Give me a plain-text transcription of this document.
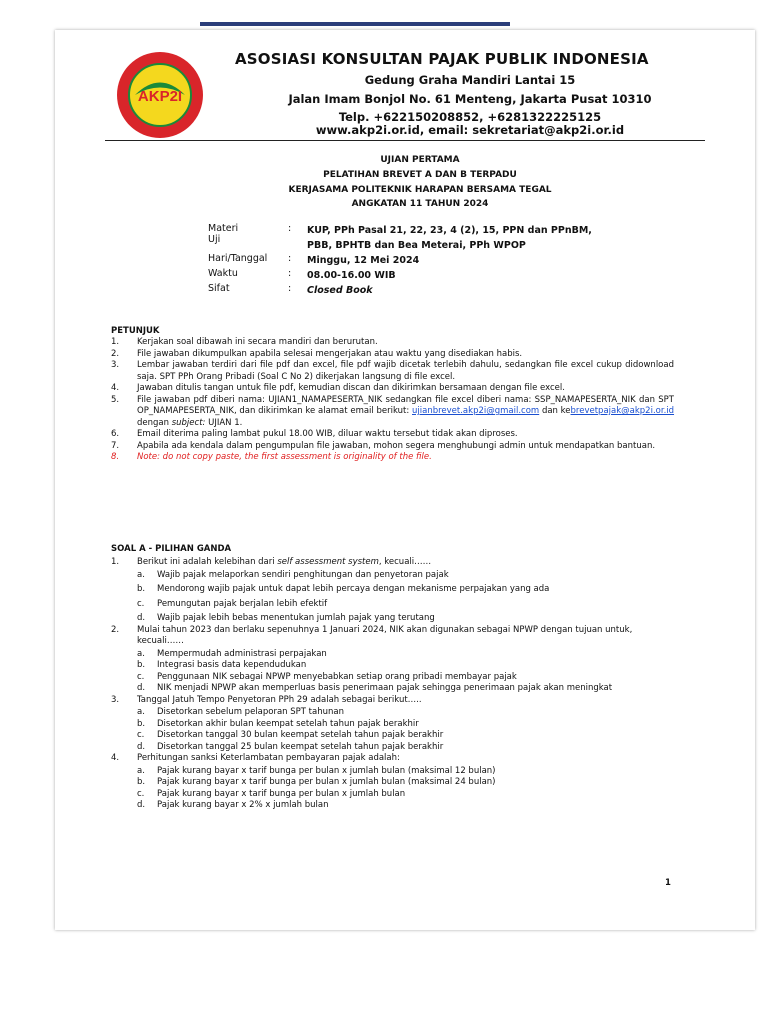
AKP2I
ASOSIASI KONSULTAN PAJAK PUBLIK INDONESIA
Gedung Graha Mandiri Lantai 15
Jalan Imam Bonjol No. 61 Menteng, Jakarta Pusat 10310
Telp. +622150208852, +6281322225125
www.akp2i.or.id, email: sekretariat@akp2i.or.id
UJIAN PERTAMA
PELATIHAN BREVET A DAN B TERPADU
KERJASAMA POLITEKNIK HARAPAN BERSAMA TEGAL
ANGKATAN 11 TAHUN 2024
Materi Uji
: KUP, PPh Pasal 21, 22, 23, 4 (2), 15, PPN dan PPnBM, PBB, BPHTB dan Bea Meterai, PPh WPOP
Hari/Tanggal : Minggu, 12 Mei 2024
Waktu	: 08.00-16.00 WIB
Sifat	: Closed Book
PETUNJUK
1. Kerjakan soal dibawah ini secara mandiri dan berurutan.
2. File jawaban dikumpulkan apabila selesai mengerjakan atau waktu yang disediakan habis.
3. Lembar jawaban terdiri dari file pdf dan excel, file pdf wajib dicetak terlebih dahulu, sedangkan file excel cukup didownload saja. SPT PPh Orang Pribadi (Soal C No 2) dikerjakan langsung di file excel.
4. Jawaban ditulis tangan untuk file pdf, kemudian discan dan dikirimkan bersamaan dengan file excel.
5. File jawaban pdf diberi nama: UJIAN1_NAMAPESERTA_NIK sedangkan file excel diberi nama: SSP_NAMAPESERTA_NIK dan SPT OP_NAMAPESERTA_NIK, dan dikirimkan ke alamat email berikut: ujianbrevet.akp2i@gmail.com dan kebrevetpajak@akp2i.or.id dengan subject: UJIAN 1.
6. Email diterima paling lambat pukul 18.00 WIB, diluar waktu tersebut tidak akan diproses.
7. Apabila ada kendala dalam pengumpulan file jawaban, mohon segera menghubungi admin untuk mendapatkan bantuan.
8. Note: do not copy paste, the first assessment is originality of the file.
SOAL A - PILIHAN GANDA
1. Berikut ini adalah kelebihan dari self assessment system, kecuali……
a. Wajib pajak melaporkan sendiri penghitungan dan penyetoran pajak
b. Mendorong wajib pajak untuk dapat lebih percaya dengan mekanisme perpajakan yang ada
c. Pemungutan pajak berjalan lebih efektif
d. Wajib pajak lebih bebas menentukan jumlah pajak yang terutang
2. Mulai tahun 2023 dan berlaku sepenuhnya 1 Januari 2024, NIK akan digunakan sebagai NPWP dengan tujuan untuk, kecuali……
a. Mempermudah administrasi perpajakan
b. Integrasi basis data kependudukan
c. Penggunaan NIK sebagai NPWP menyebabkan setiap orang pribadi membayar pajak
d. NIK menjadi NPWP akan memperluas basis penerimaan pajak sehingga penerimaan pajak akan meningkat
3. Tanggal Jatuh Tempo Penyetoran PPh 29 adalah sebagai berikut…..
a. Disetorkan sebelum pelaporan SPT tahunan
b. Disetorkan akhir bulan keempat setelah tahun pajak berakhir
c. Disetorkan tanggal 30 bulan keempat setelah tahun pajak berakhir
d. Disetorkan tanggal 25 bulan keempat setelah tahun pajak berakhir
4. Perhitungan sanksi Keterlambatan pembayaran pajak adalah:
a. Pajak kurang bayar x tarif bunga per bulan x jumlah bulan (maksimal 12 bulan)
b. Pajak kurang bayar x tarif bunga per bulan x jumlah bulan (maksimal 24 bulan)
c. Pajak kurang bayar x tarif bunga per bulan x jumlah bulan
d. Pajak kurang bayar x 2% x jumlah bulan
1
